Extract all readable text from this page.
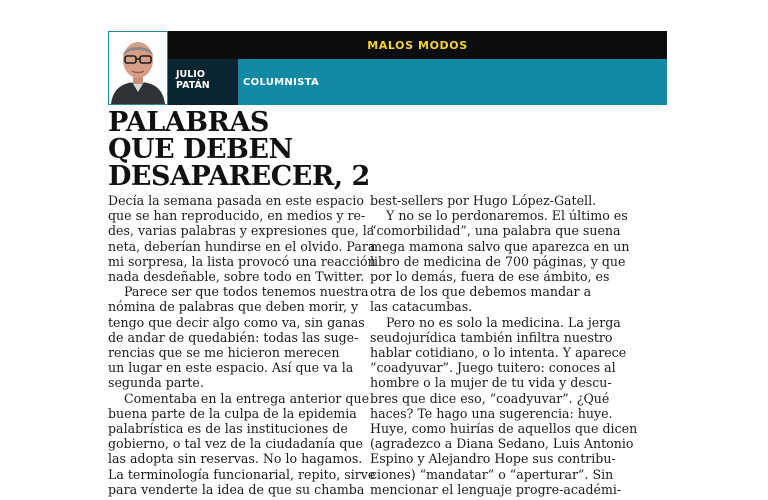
MALOS MODOS
JULIO
PATÁN	COLUMNISTA
PALABRAS
QUE DEBEN
DESAPARECER, 2
Decía la semana pasada en este espacio
que se han reproducido, en medios y re-
des, varias palabras y expresiones que, la
neta, deberían hundirse en el olvido. Para
mi sorpresa, la lista provocó una reacción
nada desdeñable, sobre todo en Twitter.
Parece ser que todos tenemos nuestra
nómina de palabras que deben morir, y
tengo que decir algo como va, sin ganas
de andar de quedabién: todas las suge-
rencias que se me hicieron merecen
un lugar en este espacio. Así que va la
segunda parte.
Comentaba en la entrega anterior que
buena parte de la culpa de la epidemia
palabrística es de las instituciones de
gobierno, o tal vez de la ciudadanía que
las adopta sin reservas. No lo hagamos.
La terminología funcionarial, repito, sirve
para venderte la idea de que su chamba
best-sellers por Hugo López-Gatell.
Y no se lo perdonaremos. El último es
“comorbilidad”, una palabra que suena
mega mamona salvo que aparezca en un
libro de medicina de 700 páginas, y que
por lo demás, fuera de ese ámbito, es
otra de los que debemos mandar a
las catacumbas.
Pero no es solo la medicina. La jerga
seudojurídica también infiltra nuestro
hablar cotidiano, o lo intenta. Y aparece
“coadyuvar”. Juego tuitero: conoces al
hombre o la mujer de tu vida y descu-
bres que dice eso, “coadyuvar”. ¿Qué
haces? Te hago una sugerencia: huye.
Huye, como huirías de aquellos que dicen
(agradezco a Diana Sedano, Luis Antonio
Espino y Alejandro Hope sus contribu-
ciones) “mandatar” o “aperturar”. Sin
mencionar el lenguaje progre-académi-
